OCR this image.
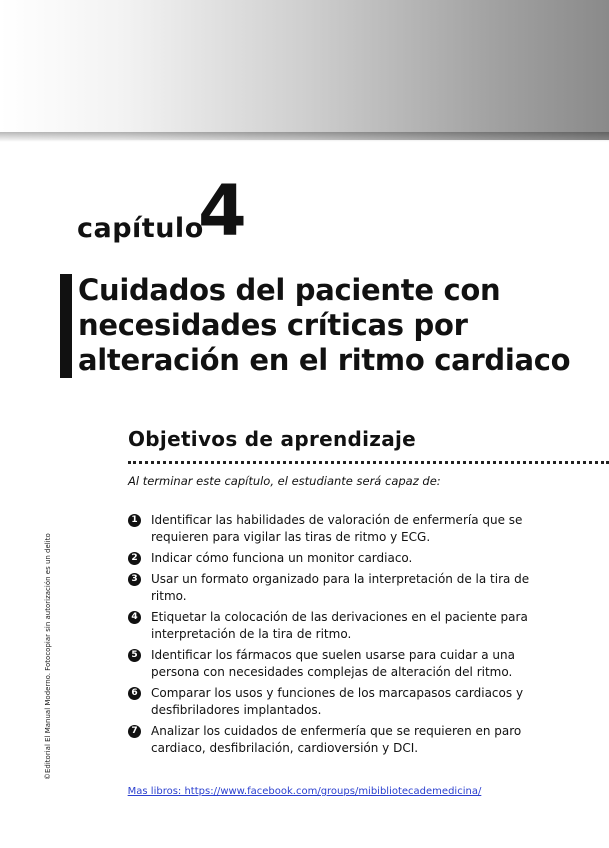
capítulo
4
Cuidados del paciente con
necesidades críticas por
alteración en el ritmo cardiaco
Objetivos de aprendizaje
Al terminar este capítulo, el estudiante será capaz de:
1 Identificar las habilidades de valoración de enfermería que se requieren para vigilar las tiras de ritmo y ECG.
2 Indicar cómo funciona un monitor cardiaco.
3 Usar un formato organizado para la interpretación de la tira de ritmo.
4 Etiquetar la colocación de las derivaciones en el paciente para interpretación de la tira de ritmo.
5 Identificar los fármacos que suelen usarse para cuidar a una persona con necesidades complejas de alteración del ritmo.
6 Comparar los usos y funciones de los marcapasos cardiacos y desfibriladores implantados.
7 Analizar los cuidados de enfermería que se requieren en paro cardiaco, desfibrilación, cardioversión y DCI.
©Editorial El Manual Moderno. Fotocopiar sin autorización es un delito
Mas libros: https://www.facebook.com/groups/mibibliotecademedicina/
